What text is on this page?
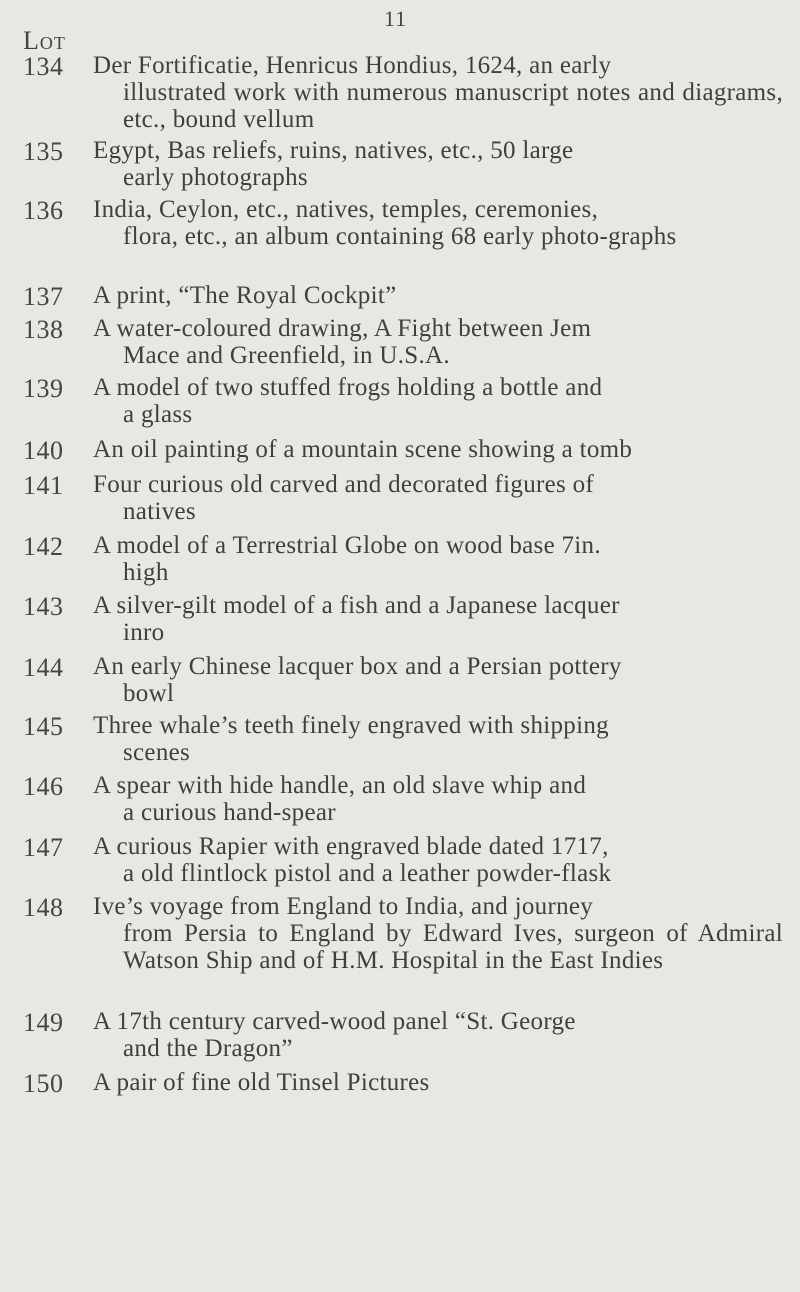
11
Lot
134	Der Fortificatie, Henricus Hondius, 1624, an early
illustrated work with numerous manuscript notes and diagrams, etc., bound vellum
135	Egypt, Bas reliefs, ruins, natives, etc., 50 large
early photographs
136	India, Ceylon, etc., natives, temples, ceremonies,
flora, etc., an album containing 68 early photo-graphs
137	A print, “The Royal Cockpit”
138	A water-coloured drawing, A Fight between Jem
Mace and Greenfield, in U.S.A.
139	A model of two stuffed frogs holding a bottle and
a glass
140	An oil painting of a mountain scene showing a tomb
141	Four curious old carved and decorated figures of
natives
142	A model of a Terrestrial Globe on wood base 7in.
high
143	A silver-gilt model of a fish and a Japanese lacquer
inro
144	An early Chinese lacquer box and a Persian pottery
bowl
145	Three whale’s teeth finely engraved with shipping
scenes
146	A spear with hide handle, an old slave whip and
a curious hand-spear
147	A curious Rapier with engraved blade dated 1717,
a old flintlock pistol and a leather powder-flask
148	Ive’s voyage from England to India, and journey
from Persia to England by Edward Ives, surgeon of Admiral Watson Ship and of H.M. Hospital in the East Indies
149	A 17th century carved-wood panel “St. George
and the Dragon”
150	A pair of fine old Tinsel Pictures
